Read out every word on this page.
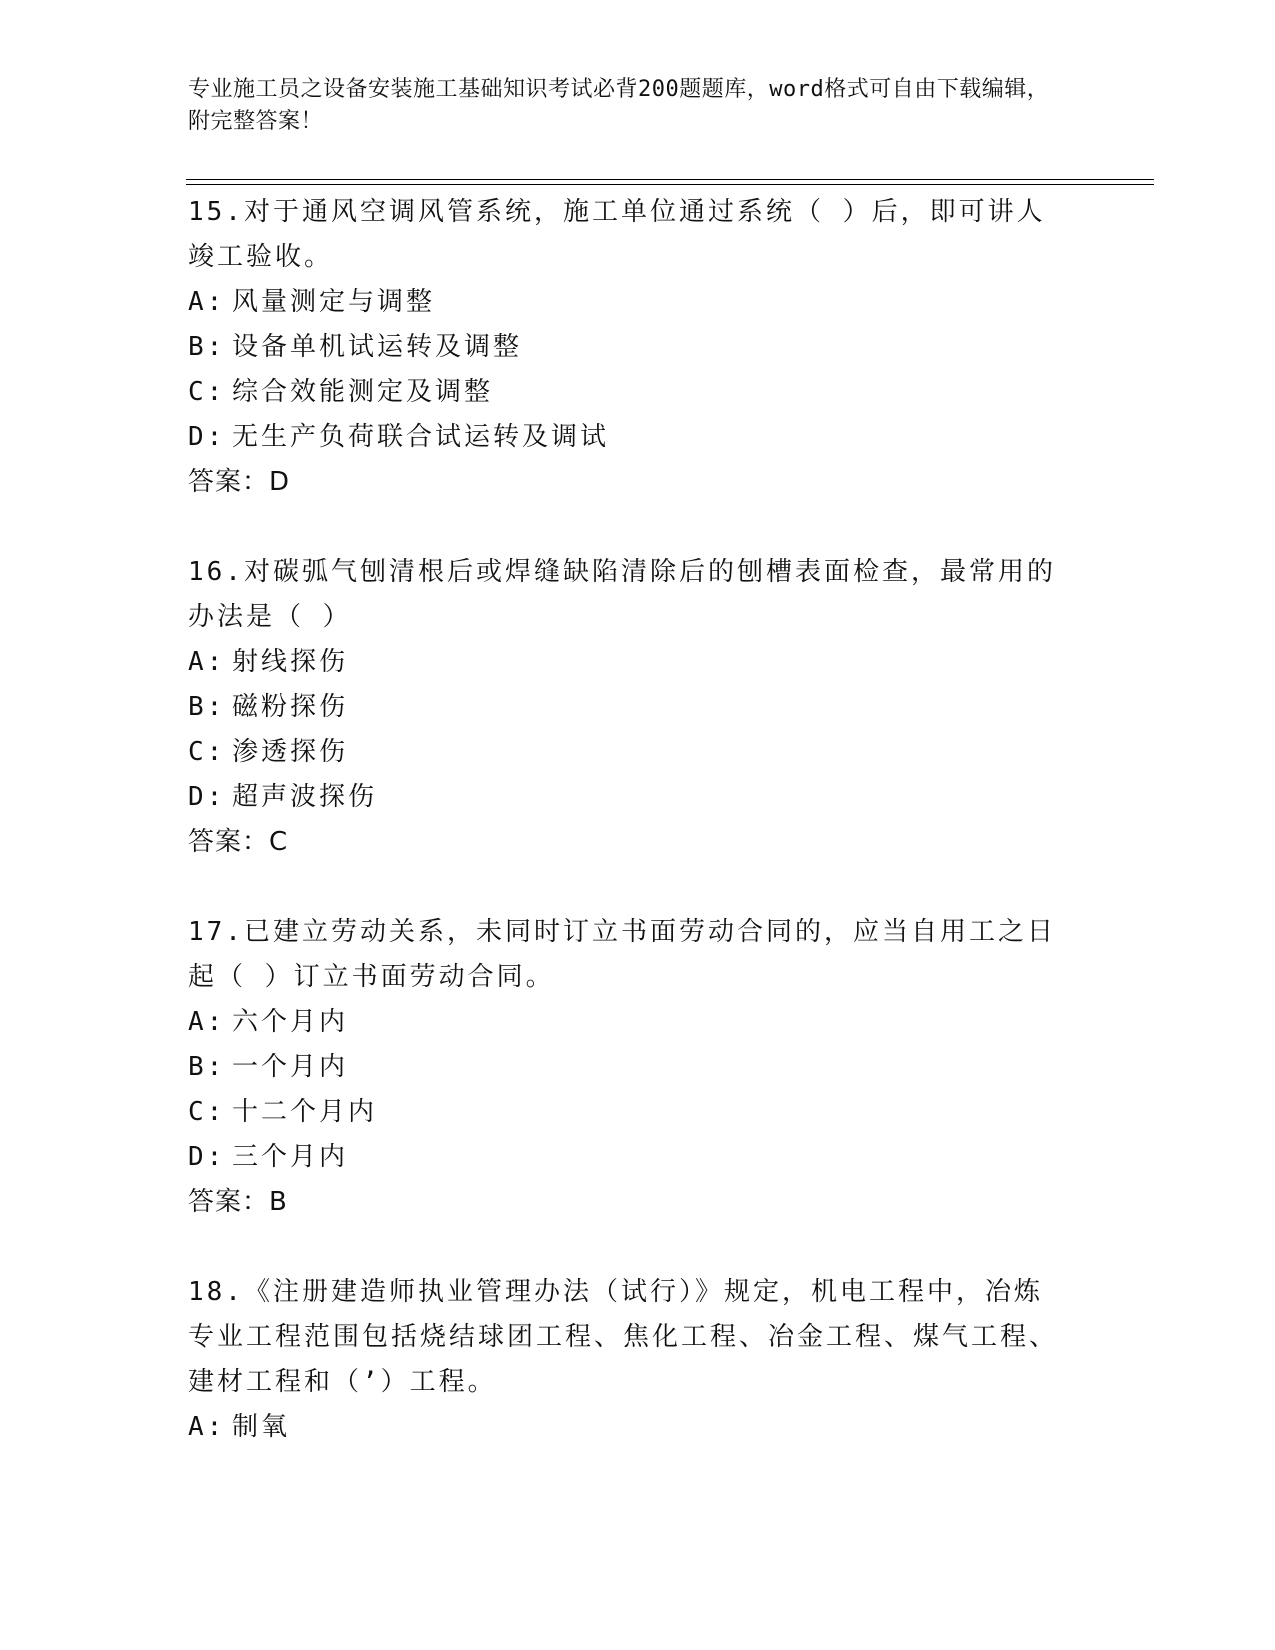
专业施工员之设备安装施工基础知识考试必背200题题库，word格式可自由下载编辑，附完整答案！

15.对于通风空调风管系统，施工单位通过系统（ ）后，即可讲人竣工验收。

A: 风量测定与调整

B: 设备单机试运转及调整

C: 综合效能测定及调整

D: 无生产负荷联合试运转及调试

答案：D

16.对碳弧气刨清根后或焊缝缺陷清除后的刨槽表面检查，最常用的办法是（ ）

A: 射线探伤

B: 磁粉探伤

C: 渗透探伤

D: 超声波探伤

答案：C

17.已建立劳动关系，未同时订立书面劳动合同的，应当自用工之日起（ ）订立书面劳动合同。

A: 六个月内

B: 一个月内

C: 十二个月内

D: 三个月内

答案：B

18.《注册建造师执业管理办法（试行）》规定，机电工程中，冶炼专业工程范围包括烧结球团工程、焦化工程、冶金工程、煤气工程、建材工程和（’）工程。

A: 制氧
